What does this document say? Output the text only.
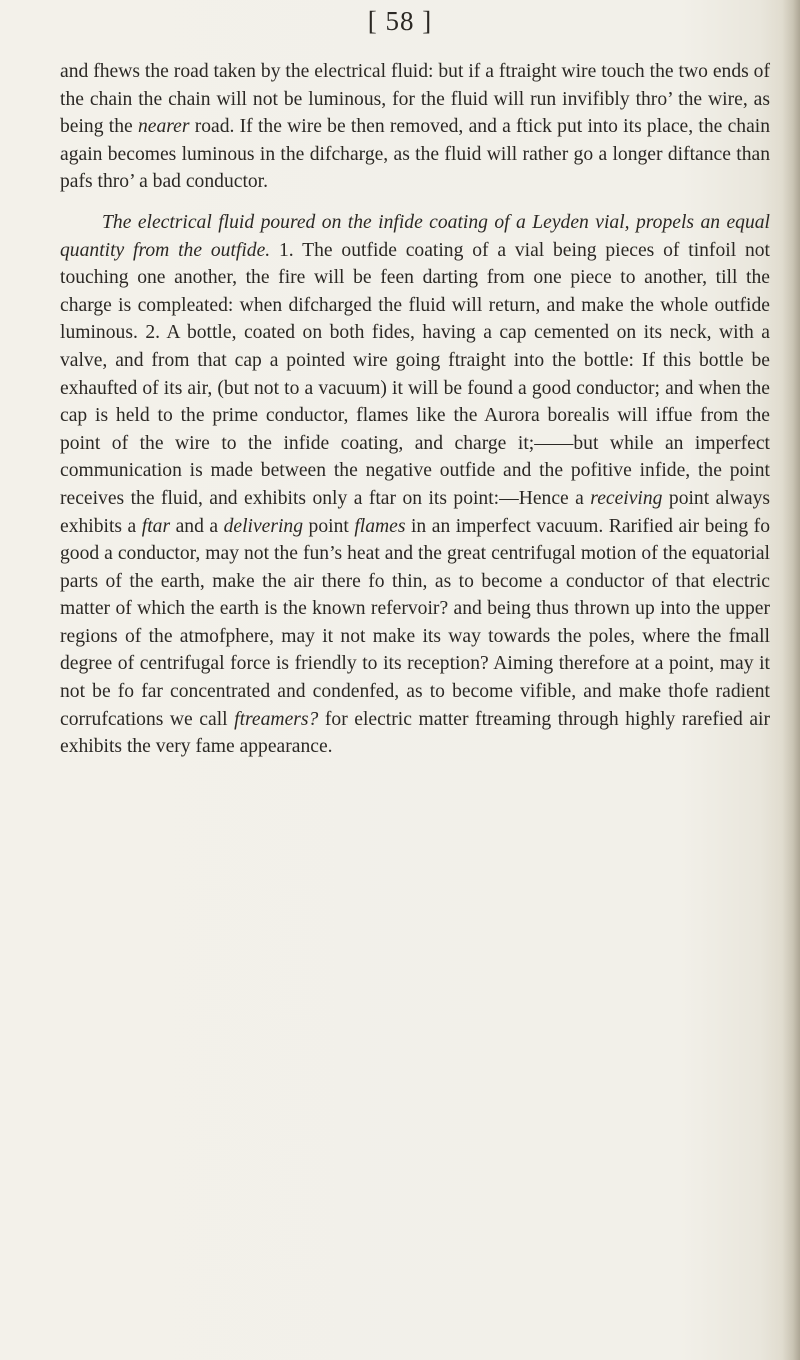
[ 58 ]

and fhews the road taken by the electrical fluid: but if a ftraight wire touch the two ends of the chain the chain will not be luminous, for the fluid will run invifibly thro’ the wire, as being the nearer road. If the wire be then removed, and a ftick put into its place, the chain again becomes luminous in the difcharge, as the fluid will rather go a longer diftance than pafs thro’ a bad conductor.

The electrical fluid poured on the infide coating of a Leyden vial, propels an equal quantity from the outfide. 1. The outfide coating of a vial being pieces of tinfoil not touching one another, the fire will be feen darting from one piece to another, till the charge is compleated: when difcharged the fluid will return, and make the whole outfide luminous. 2. A bottle, coated on both fides, having a cap cemented on its neck, with a valve, and from that cap a pointed wire going ftraight into the bottle: If this bottle be exhaufted of its air, (but not to a vacuum) it will be found a good conductor; and when the cap is held to the prime conductor, flames like the Aurora borealis will iffue from the point of the wire to the infide coating, and charge it;——but while an imperfect communication is made between the negative outfide and the pofitive infide, the point receives the fluid, and exhibits only a ftar on its point:—Hence a receiving point always exhibits a ftar and a delivering point flames in an imperfect vacuum. Rarified air being fo good a conductor, may not the fun’s heat and the great centrifugal motion of the equatorial parts of the earth, make the air there fo thin, as to become a conductor of that electric matter of which the earth is the known refervoir? and being thus thrown up into the upper regions of the atmofphere, may it not make its way towards the poles, where the fmall degree of centrifugal force is friendly to its reception? Aiming therefore at a point, may it not be fo far concentrated and condenfed, as to become vifible, and make thofe radient corrufcations we call ftreamers? for electric matter ftreaming through highly rarefied air exhibits the very fame appearance.
